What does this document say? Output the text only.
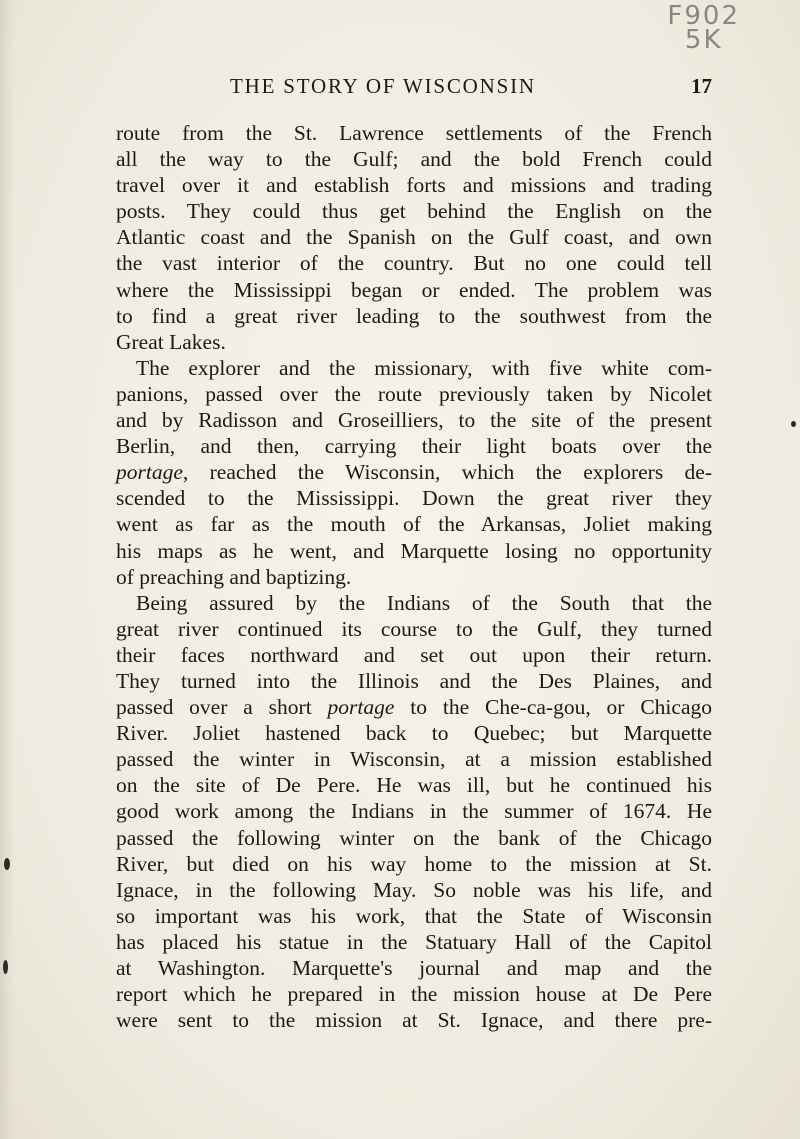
F902
5K
THE STORY OF WISCONSIN	17
route from the St. Lawrence settlements of the French
all the way to the Gulf; and the bold French could
travel over it and establish forts and missions and trading
posts. They could thus get behind the English on the
Atlantic coast and the Spanish on the Gulf coast, and own
the vast interior of the country. But no one could tell
where the Mississippi began or ended. The problem was
to find a great river leading to the southwest from the
Great Lakes.
The explorer and the missionary, with five white com-
panions, passed over the route previously taken by Nicolet
and by Radisson and Groseilliers, to the site of the present
Berlin, and then, carrying their light boats over the
portage, reached the Wisconsin, which the explorers de-
scended to the Mississippi. Down the great river they
went as far as the mouth of the Arkansas, Joliet making
his maps as he went, and Marquette losing no opportunity
of preaching and baptizing.
Being assured by the Indians of the South that the
great river continued its course to the Gulf, they turned
their faces northward and set out upon their return.
They turned into the Illinois and the Des Plaines, and
passed over a short portage to the Che-ca-gou, or Chicago
River. Joliet hastened back to Quebec; but Marquette
passed the winter in Wisconsin, at a mission established
on the site of De Pere. He was ill, but he continued his
good work among the Indians in the summer of 1674. He
passed the following winter on the bank of the Chicago
River, but died on his way home to the mission at St.
Ignace, in the following May. So noble was his life, and
so important was his work, that the State of Wisconsin
has placed his statue in the Statuary Hall of the Capitol
at Washington. Marquette's journal and map and the
report which he prepared in the mission house at De Pere
were sent to the mission at St. Ignace, and there pre-
